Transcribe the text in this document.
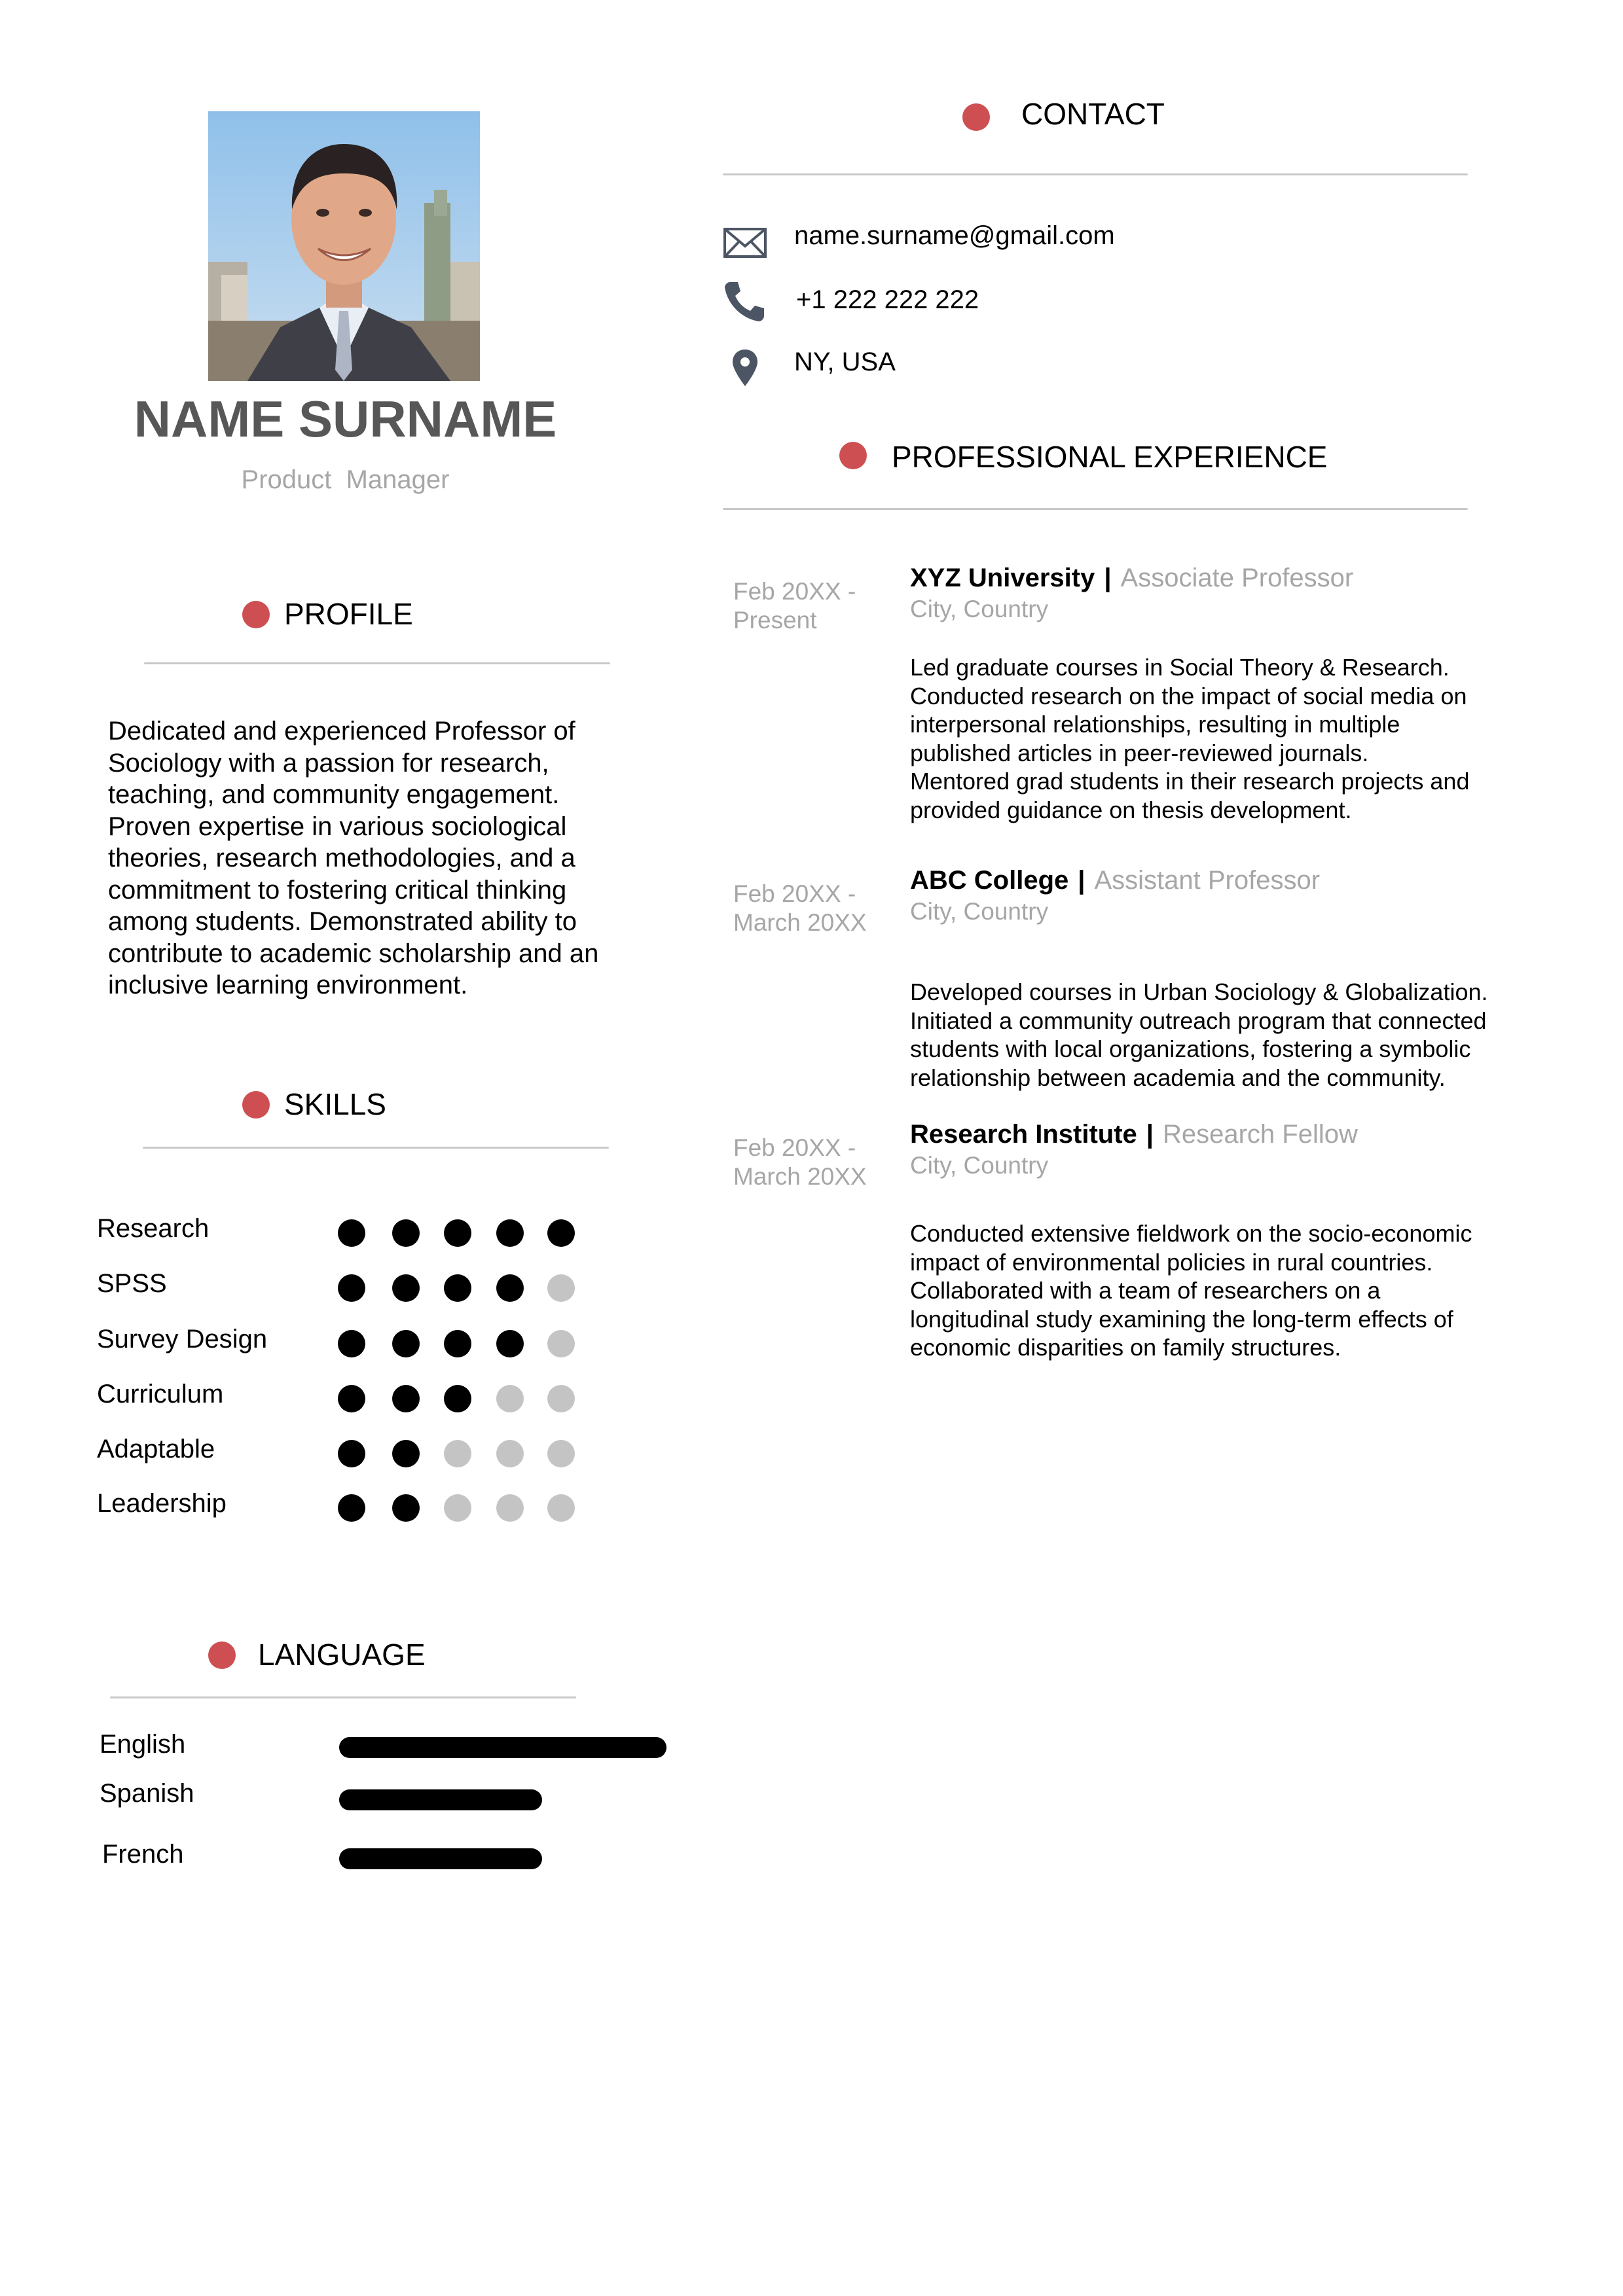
NAME SURNAME
Product  Manager
PROFILE
Dedicated and experienced Professor of Sociology with a passion for research, teaching, and community engagement. Proven expertise in various sociological theories, research methodologies, and a commitment to fostering critical thinking among students. Demonstrated ability to contribute to academic scholarship and an inclusive learning environment.
SKILLS
Research
SPSS
Survey Design
Curriculum
Adaptable
Leadership
LANGUAGE
English
Spanish
French
CONTACT
name.surname@gmail.com
+1 222 222 222
NY, USA
PROFESSIONAL EXPERIENCE
Feb 20XX -
Present
XYZ University | Associate Professor
City, Country
Led graduate courses in Social Theory & Research.
Conducted research on the impact of social media on
interpersonal relationships, resulting in multiple
published articles in peer-reviewed journals.
Mentored grad students in their research projects and
provided guidance on thesis development.
Feb 20XX -
March 20XX
ABC College | Assistant Professor
City, Country
Developed courses in Urban Sociology & Globalization.
Initiated a community outreach program that connected
students with local organizations, fostering a symbolic
relationship between academia and the community.
Feb 20XX -
March 20XX
Research Institute | Research Fellow
City, Country
Conducted extensive fieldwork on the socio-economic
impact of environmental policies in rural countries.
Collaborated with a team of researchers on a
longitudinal study examining the long-term effects of
economic disparities on family structures.
